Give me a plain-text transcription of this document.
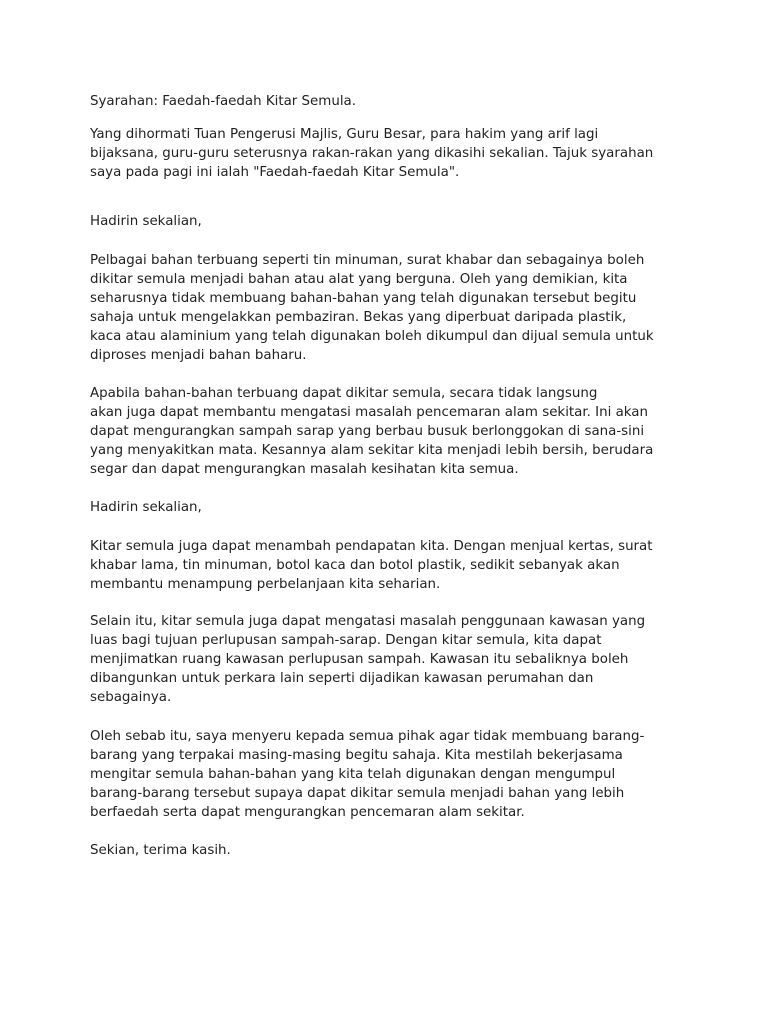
Syarahan: Faedah-faedah Kitar Semula.

Yang dihormati Tuan Pengerusi Majlis, Guru Besar, para hakim yang arif lagi
bijaksana, guru-guru seterusnya rakan-rakan yang dikasihi sekalian. Tajuk syarahan
saya pada pagi ini ialah "Faedah-faedah Kitar Semula".

Hadirin sekalian,

Pelbagai bahan terbuang seperti tin minuman, surat khabar dan sebagainya boleh
dikitar semula menjadi bahan atau alat yang berguna. Oleh yang demikian, kita
seharusnya tidak membuang bahan-bahan yang telah digunakan tersebut begitu
sahaja untuk mengelakkan pembaziran. Bekas yang diperbuat daripada plastik,
kaca atau alaminium yang telah digunakan boleh dikumpul dan dijual semula untuk
diproses menjadi bahan baharu.

Apabila bahan-bahan terbuang dapat dikitar semula, secara tidak langsung
akan juga dapat membantu mengatasi masalah pencemaran alam sekitar. Ini akan
dapat mengurangkan sampah sarap yang berbau busuk berlonggokan di sana-sini
yang menyakitkan mata. Kesannya alam sekitar kita menjadi lebih bersih, berudara
segar dan dapat mengurangkan masalah kesihatan kita semua.

Hadirin sekalian,

Kitar semula juga dapat menambah pendapatan kita. Dengan menjual kertas, surat
khabar lama, tin minuman, botol kaca dan botol plastik, sedikit sebanyak akan
membantu menampung perbelanjaan kita seharian.

Selain itu, kitar semula juga dapat mengatasi masalah penggunaan kawasan yang
luas bagi tujuan perlupusan sampah-sarap. Dengan kitar semula, kita dapat
menjimatkan ruang kawasan perlupusan sampah. Kawasan itu sebaliknya boleh
dibangunkan untuk perkara lain seperti dijadikan kawasan perumahan dan
sebagainya.

Oleh sebab itu, saya menyeru kepada semua pihak agar tidak membuang barang-
barang yang terpakai masing-masing begitu sahaja. Kita mestilah bekerjasama
mengitar semula bahan-bahan yang kita telah digunakan dengan mengumpul
barang-barang tersebut supaya dapat dikitar semula menjadi bahan yang lebih
berfaedah serta dapat mengurangkan pencemaran alam sekitar.

Sekian, terima kasih.
